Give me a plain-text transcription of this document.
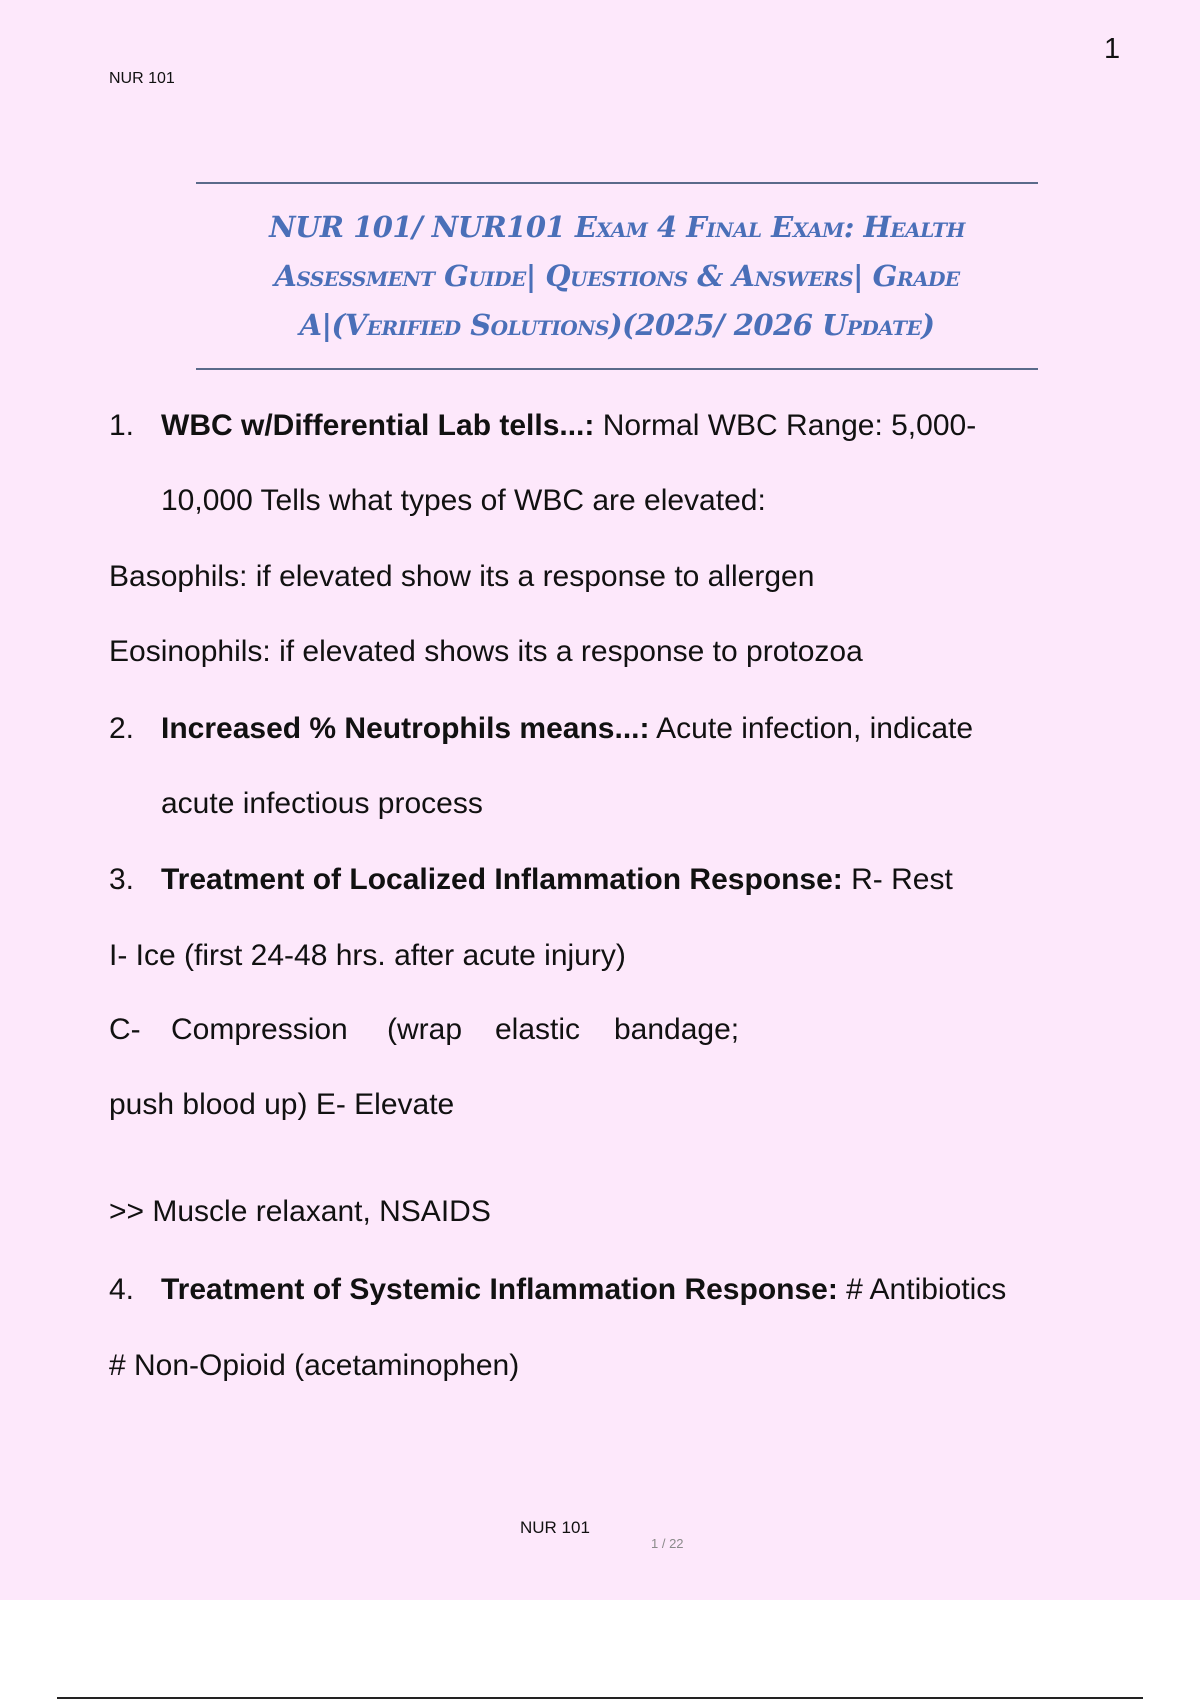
NUR 101
1
NUR 101/ NUR101 Exam 4 Final Exam: Health
Assessment Guide| Questions & Answers| Grade
A|(Verified Solutions)(2025/ 2026 Update)
1. WBC w/Differential Lab tells...: Normal WBC Range: 5,000-

10,000 Tells what types of WBC are elevated:

Basophils: if elevated show its a response to allergen

Eosinophils: if elevated shows its a response to protozoa

2. Increased % Neutrophils means...: Acute infection, indicate

acute infectious process

3. Treatment of Localized Inflammation Response: R- Rest

I- Ice (first 24-48 hrs. after acute injury)

C- Compression (wrap elastic bandage;

push blood up) E- Elevate

>> Muscle relaxant, NSAIDS

4. Treatment of Systemic Inflammation Response: # Antibiotics

# Non-Opioid (acetaminophen)

NUR 101
1 / 22
